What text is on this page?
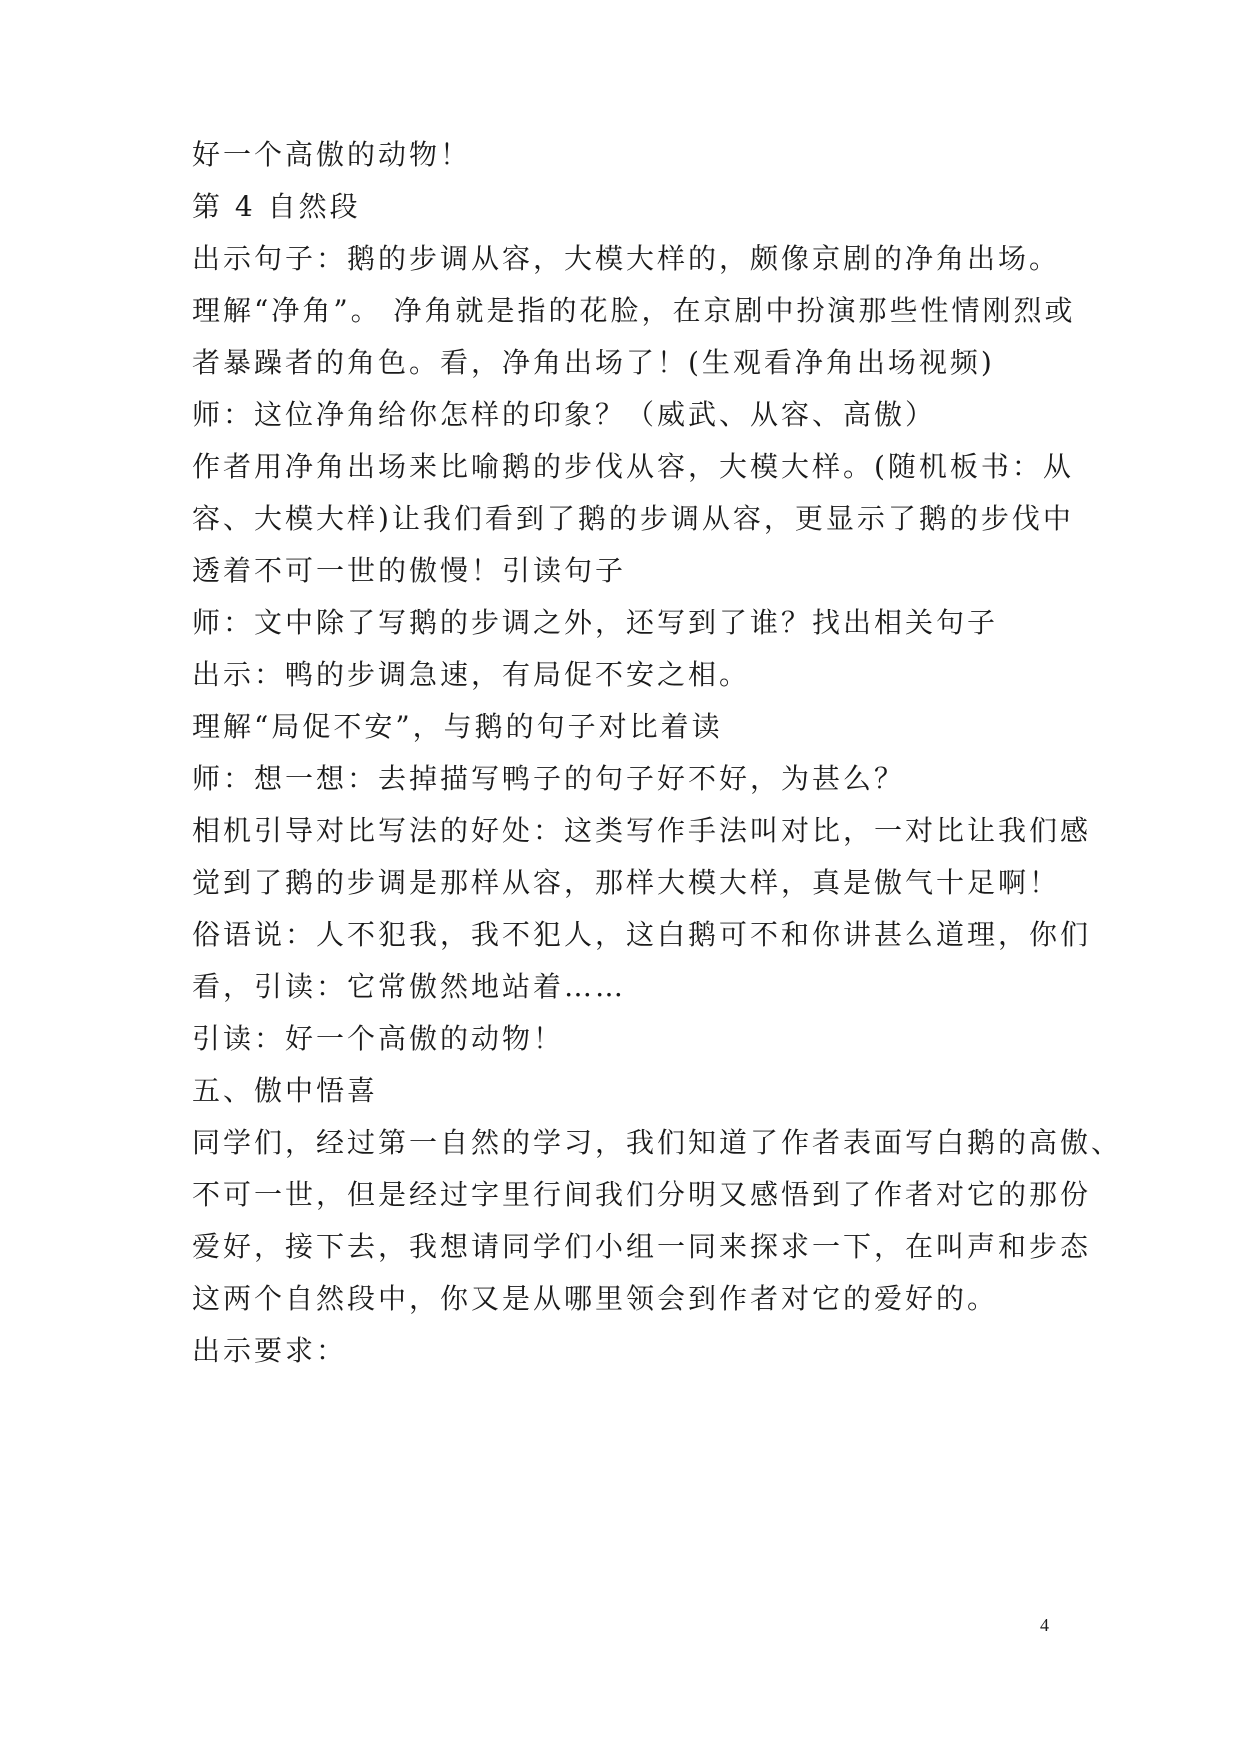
好一个高傲的动物！
第 4 自然段
出示句子：鹅的步调从容，大模大样的，颇像京剧的净角出场。
理解“净角”。 净角就是指的花脸，在京剧中扮演那些性情刚烈或
者暴躁者的角色。看，净角出场了！(生观看净角出场视频)
师：这位净角给你怎样的印象？（威武、从容、高傲）
作者用净角出场来比喻鹅的步伐从容，大模大样。(随机板书：从
容、大模大样)让我们看到了鹅的步调从容，更显示了鹅的步伐中
透着不可一世的傲慢！引读句子
师：文中除了写鹅的步调之外，还写到了谁？找出相关句子
出示：鸭的步调急速，有局促不安之相。
理解“局促不安”，与鹅的句子对比着读
师：想一想：去掉描写鸭子的句子好不好，为甚么？
相机引导对比写法的好处：这类写作手法叫对比，一对比让我们感
觉到了鹅的步调是那样从容，那样大模大样，真是傲气十足啊！
俗语说：人不犯我，我不犯人，这白鹅可不和你讲甚么道理，你们
看，引读：它常傲然地站着……
引读：好一个高傲的动物！
五、傲中悟喜
同学们，经过第一自然的学习，我们知道了作者表面写白鹅的高傲、
不可一世，但是经过字里行间我们分明又感悟到了作者对它的那份
爱好，接下去，我想请同学们小组一同来探求一下，在叫声和步态
这两个自然段中，你又是从哪里领会到作者对它的爱好的。
出示要求：
4
